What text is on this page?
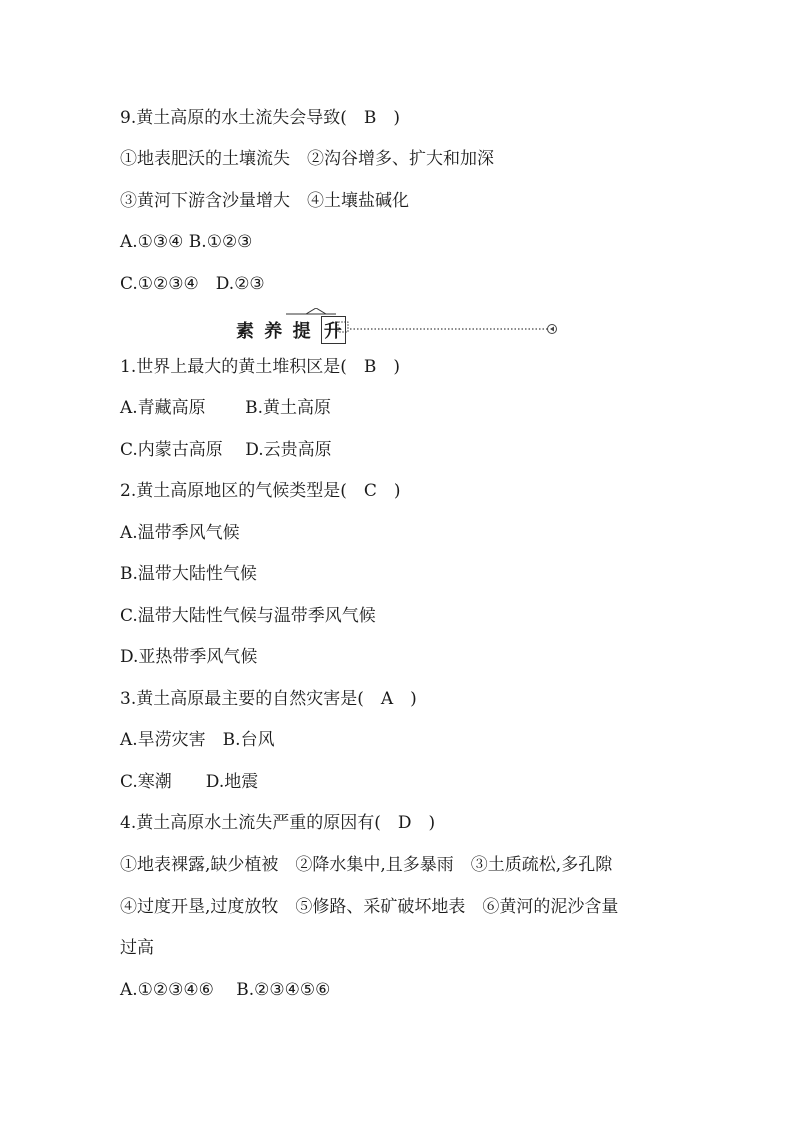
9.黄土高原的水土流失会导致(　B　)
①地表肥沃的土壤流失　②沟谷增多、扩大和加深
③黄河下游含沙量增大　④土壤盐碱化
A.①③④ B.①②③
C.①②③④　D.②③
素 养 提 升
1.世界上最大的黄土堆积区是(　B　)
A.青藏高原　　 B.黄土高原
C.内蒙古高原　 D.云贵高原
2.黄土高原地区的气候类型是(　C　)
A.温带季风气候
B.温带大陆性气候
C.温带大陆性气候与温带季风气候
D.亚热带季风气候
3.黄土高原最主要的自然灾害是(　A　)
A.旱涝灾害　B.台风
C.寒潮　　D.地震
4.黄土高原水土流失严重的原因有(　D　)
①地表裸露,缺少植被　②降水集中,且多暴雨　③土质疏松,多孔隙
④过度开垦,过度放牧　⑤修路、采矿破坏地表　⑥黄河的泥沙含量
过高
A.①②③④⑥　 B.②③④⑤⑥
